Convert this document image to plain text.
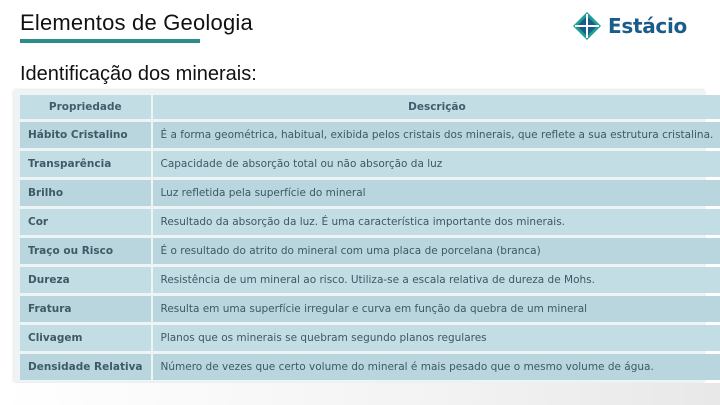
Elementos de Geologia	Estácio
Identificação dos minerais:
Propriedade	Descrição
Hábito Cristalino	É a forma geométrica, habitual, exibida pelos cristais dos minerais, que reflete a sua estrutura cristalina.
Transparência	Capacidade de absorção total ou não absorção da luz
Brilho	Luz refletida pela superfície do mineral
Cor	Resultado da absorção da luz. É uma característica importante dos minerais.
Traço ou Risco	É o resultado do atrito do mineral com uma placa de porcelana (branca)
Dureza	Resistência de um mineral ao risco. Utiliza-se a escala relativa de dureza de Mohs.
Fratura	Resulta em uma superfície irregular e curva em função da quebra de um mineral
Clivagem	Planos que os minerais se quebram segundo planos regulares
Densidade Relativa	Número de vezes que certo volume do mineral é mais pesado que o mesmo volume de água.
